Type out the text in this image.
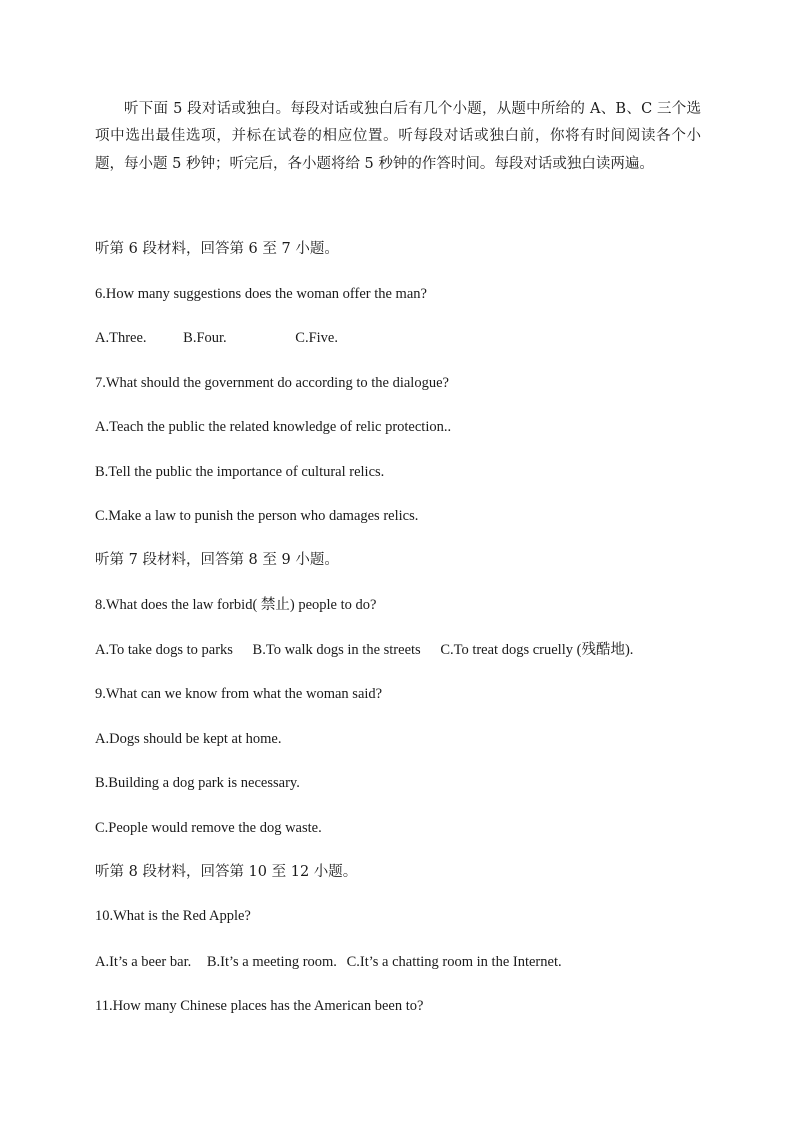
听下面 5 段对话或独白。每段对话或独白后有几个小题，从题中所给的 A、B、C 三个选项中选出最佳选项，并标在试卷的相应位置。听每段对话或独白前，你将有时间阅读各个小题，每小题 5 秒钟；听完后，各小题将给 5 秒钟的作答时间。每段对话或独白读两遍。
听第 6 段材料，回答第 6 至 7 小题。
6.How many suggestions does the woman offer the man?
A.Three.	B.Four.	C.Five.
7.What should the government do according to the dialogue?
A.Teach the public the related knowledge of relic protection..
B.Tell the public the importance of cultural relics.
C.Make a law to punish the person who damages relics.
听第 7 段材料，回答第 8 至 9 小题。
8.What does the law forbid( 禁止) people to do?
A.To take dogs to parks B.To walk dogs in the streets C.To treat dogs cruelly (残酷地).
9.What can we know from what the woman said?
A.Dogs should be kept at home.
B.Building a dog park is necessary.
C.People would remove the dog waste.
听第 8 段材料，回答第 10 至 12 小题。
10.What is the Red Apple?
A.It’s a beer bar. B.It’s a meeting room. C.It’s a chatting room in the Internet.
11.How many Chinese places has the American been to?
